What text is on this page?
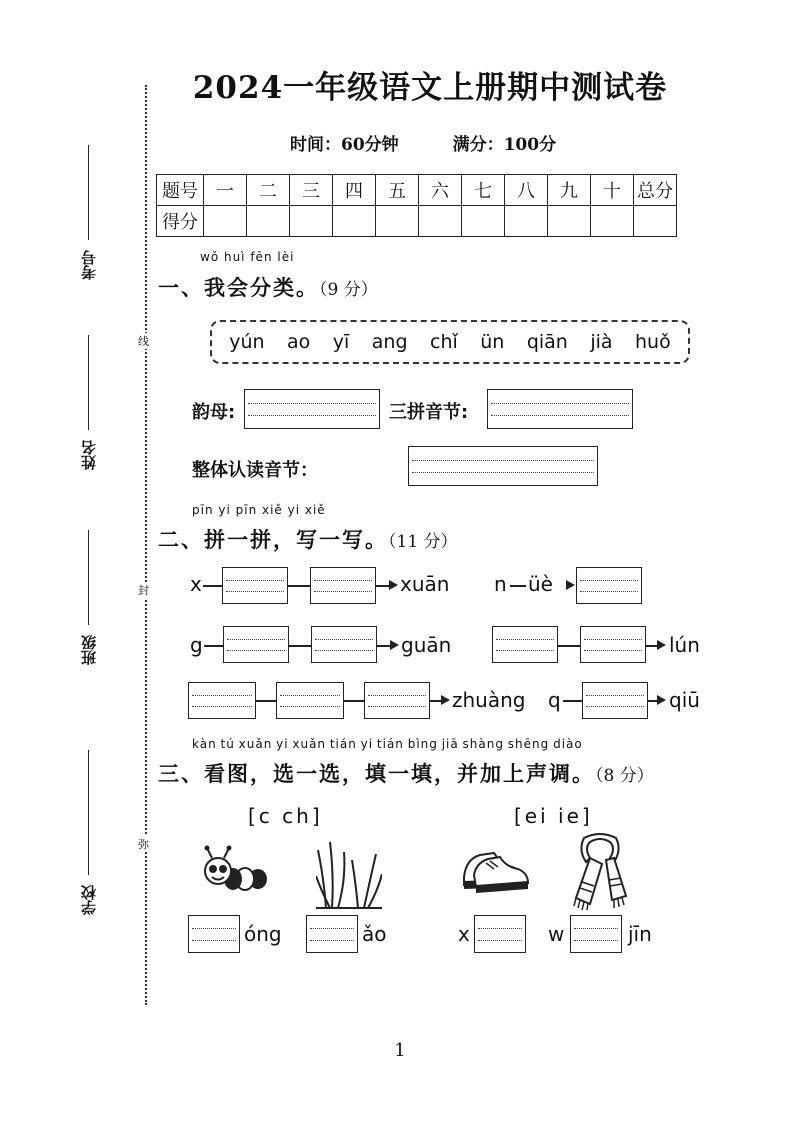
考号
姓名
班级
学校
线
封
弥
2024一年级语文上册期中测试卷
时间：60分钟	满分：100分
题号	一	二	三	四	五	六	七	八	九	十	总分
得分											
wǒ huì fēn lèi
一、我会分类。（9 分）
yún ao yī ang chǐ ün qiān jià huǒ
韵母:	三拼音节:
整体认读音节：
pīn yi pīn xiě yi xiě
二、拼一拼，写一写。（11 分）
x	xuān n üè
g	guān	lún
zhuàng q	qiū
kàn tú xuǎn yi xuǎn tián yi tián bìng jiā shàng shēng diào
三、看图，选一选，填一填，并加上声调。（8 分）
[c ch]	[ei ie]
óng	ǎo	x	w	jīn
1
